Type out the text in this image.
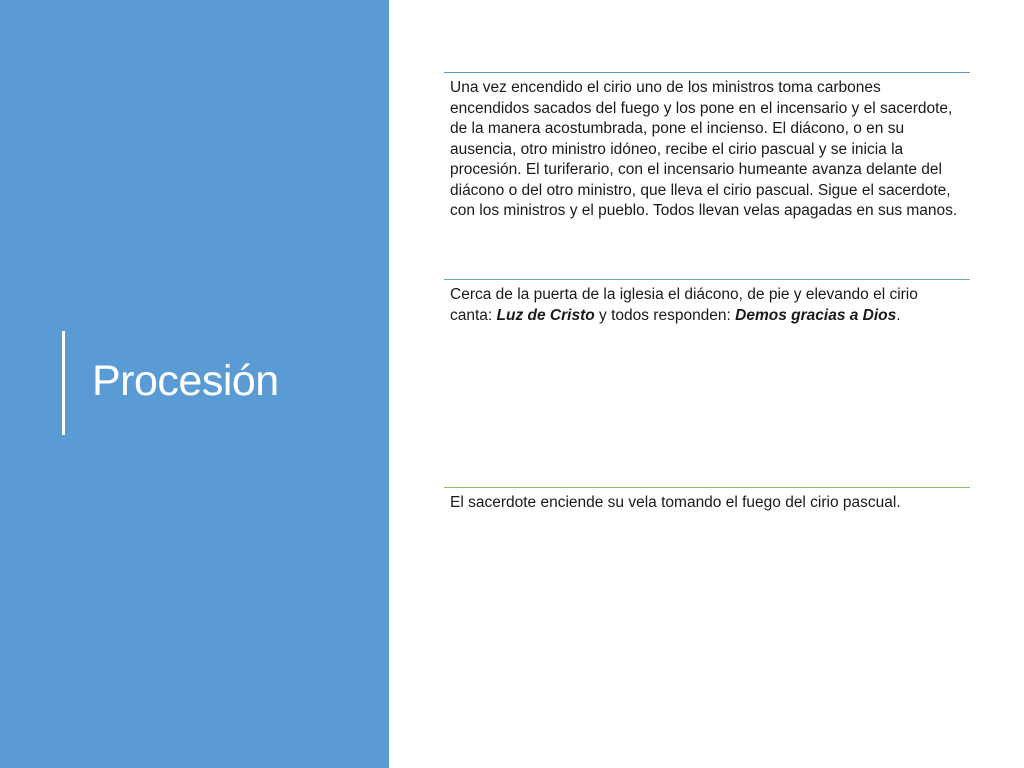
Procesión

Una vez encendido el cirio uno de los ministros toma carbones encendidos sacados del fuego y los pone en el incensario y el sacerdote, de la manera acostumbrada, pone el incienso. El diácono, o en su ausencia, otro ministro idóneo, recibe el cirio pascual y se inicia la procesión. El turiferario, con el incensario humeante avanza delante del diácono o del otro ministro, que lleva el cirio pascual. Sigue el sacerdote, con los ministros y el pueblo. Todos llevan velas apagadas en sus manos.

Cerca de la puerta de la iglesia el diácono, de pie y elevando el cirio canta: Luz de Cristo y todos responden: Demos gracias a Dios.

El sacerdote enciende su vela tomando el fuego del cirio pascual.
